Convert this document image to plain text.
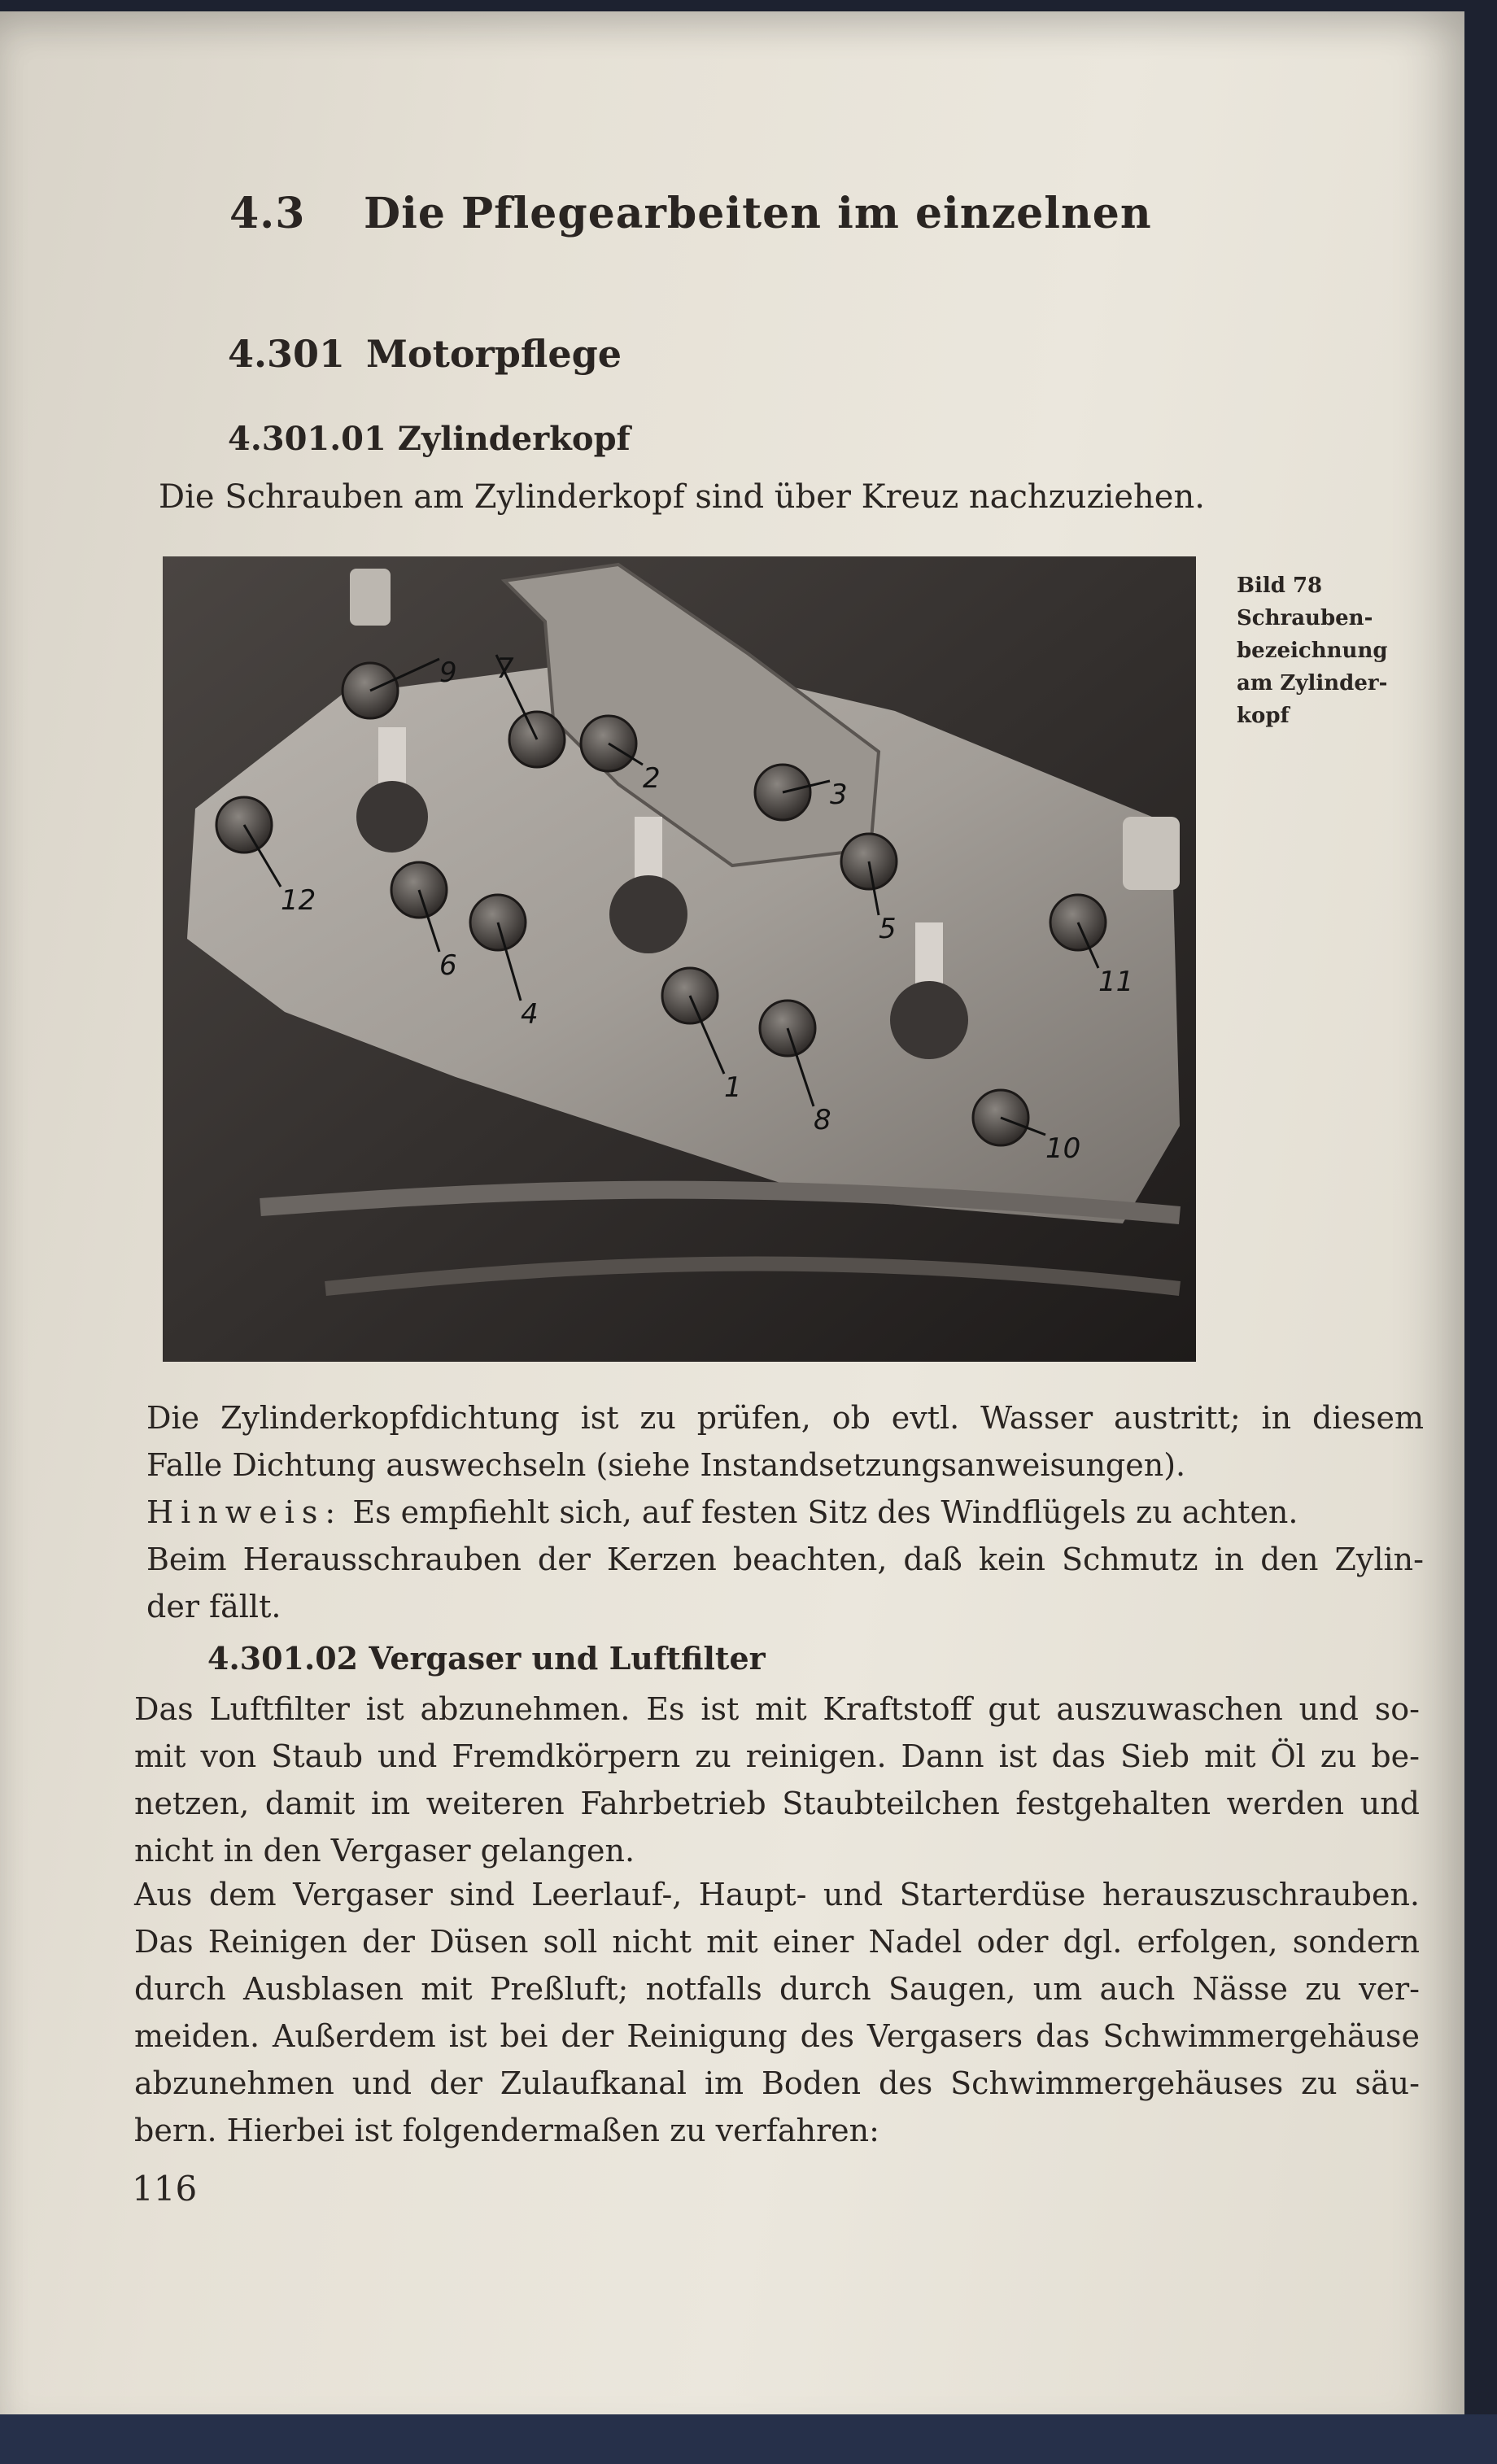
4.3 Die Pflegearbeiten im einzelnen
4.301 Motorpflege
4.301.01 Zylinderkopf
Die Schrauben am Zylinderkopf sind über Kreuz nachzuziehen.
1
2	3
4
5
6
7
8
9
10
11
12
Bild 78
Schrauben-
bezeichnung
am Zylinder-
kopf
Die Zylinderkopfdichtung ist zu prüfen, ob evtl. Wasser austritt; in diesem
Falle Dichtung auswechseln (siehe Instandsetzungsanweisungen).
Hinweis: Es empfiehlt sich, auf festen Sitz des Windflügels zu achten.
Beim Herausschrauben der Kerzen beachten, daß kein Schmutz in den Zylin-
der fällt.
4.301.02 Vergaser und Luftfilter
Das Luftfilter ist abzunehmen. Es ist mit Kraftstoff gut auszuwaschen und so-
mit von Staub und Fremdkörpern zu reinigen. Dann ist das Sieb mit Öl zu be-
netzen, damit im weiteren Fahrbetrieb Staubteilchen festgehalten werden und
nicht in den Vergaser gelangen.
Aus dem Vergaser sind Leerlauf-, Haupt- und Starterdüse herauszuschrauben.
Das Reinigen der Düsen soll nicht mit einer Nadel oder dgl. erfolgen, sondern
durch Ausblasen mit Preßluft; notfalls durch Saugen, um auch Nässe zu ver-
meiden. Außerdem ist bei der Reinigung des Vergasers das Schwimmergehäuse
abzunehmen und der Zulaufkanal im Boden des Schwimmergehäuses zu säu-
bern. Hierbei ist folgendermaßen zu verfahren:
116
